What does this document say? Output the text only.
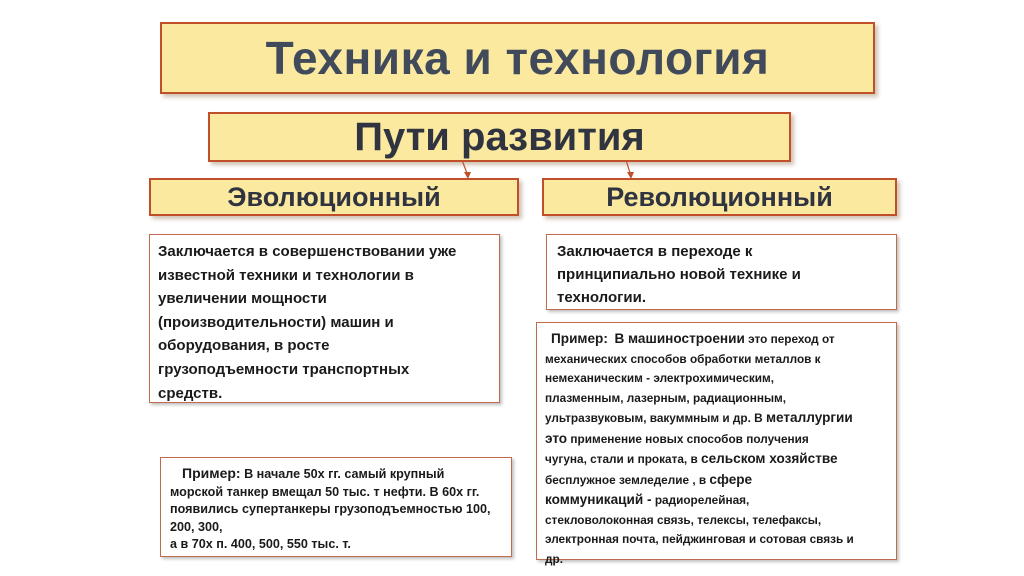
Техника и технология
Пути развития
Эволюционный	Революционный
Заключается в совершенствовании уже
известной техники и технологии в
увеличении мощности
(производительности) машин и
оборудования, в росте
грузоподъемности транспортных
средств.
Заключается в переходе к
принципиально новой технике и
технологии.
Пример: В начале 50х гг. самый крупный
морской танкер вмещал 50 тыс. т нефти. В 60х гг.
появились супертанкеры грузоподъемностью 100,
200, 300,
а в 70х п. 400, 500, 550 тыс. т.
Пример: В машиностроении это переход от
механических способов обработки металлов к
немеханическим - электрохимическим,
плазменным, лазерным, радиационным,
ультразвуковым, вакуммным и др. В металлургии
это применение новых способов получения
чугуна, стали и проката, в сельском хозяйстве
бесплужное земледелие , в сфере
коммуникаций - радиорелейная,
стекловолоконная связь, телексы, телефаксы,
электронная почта, пейджинговая и сотовая связь и
др.
